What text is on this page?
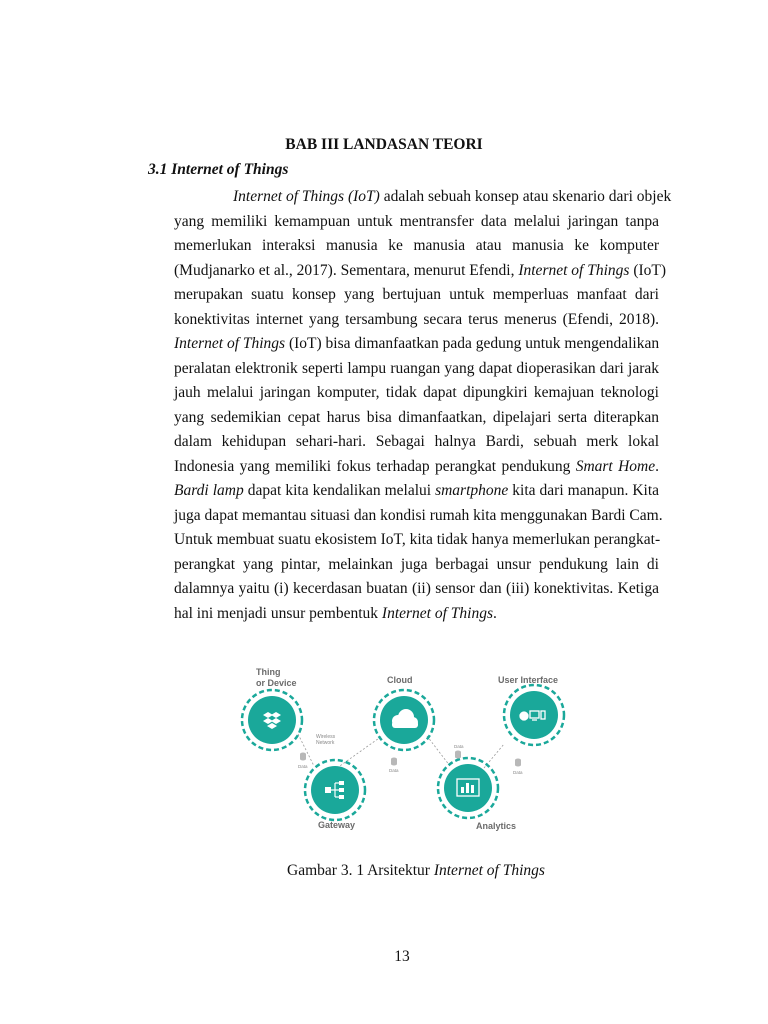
BAB III LANDASAN TEORI
3.1 Internet of Things
Internet of Things (IoT) adalah sebuah konsep atau skenario dari objek
yang memiliki kemampuan untuk mentransfer data melalui jaringan tanpa
memerlukan interaksi manusia ke manusia atau manusia ke komputer
(Mudjanarko et al., 2017). Sementara, menurut Efendi, Internet of Things (IoT)
merupakan suatu konsep yang bertujuan untuk memperluas manfaat dari
konektivitas internet yang tersambung secara terus menerus (Efendi, 2018).
Internet of Things (IoT) bisa dimanfaatkan pada gedung untuk mengendalikan
peralatan elektronik seperti lampu ruangan yang dapat dioperasikan dari jarak
jauh melalui jaringan komputer, tidak dapat dipungkiri kemajuan teknologi
yang sedemikian cepat harus bisa dimanfaatkan, dipelajari serta diterapkan
dalam kehidupan sehari-hari. Sebagai halnya Bardi, sebuah merk lokal
Indonesia yang memiliki fokus terhadap perangkat pendukung Smart Home.
Bardi lamp dapat kita kendalikan melalui smartphone kita dari manapun. Kita
juga dapat memantau situasi dan kondisi rumah kita menggunakan Bardi Cam.
Untuk membuat suatu ekosistem IoT, kita tidak hanya memerlukan perangkat-
perangkat yang pintar, melainkan juga berbagai unsur pendukung lain di
dalamnya yaitu (i) kecerdasan buatan (ii) sensor dan (iii) konektivitas. Ketiga
hal ini menjadi unsur pembentuk Internet of Things.
Thing
or Device
Wireless
Network
Cloud	User Interface
Gateway	Analytics
Data
Data
Data
Data
Gambar 3. 1 Arsitektur Internet of Things
13
